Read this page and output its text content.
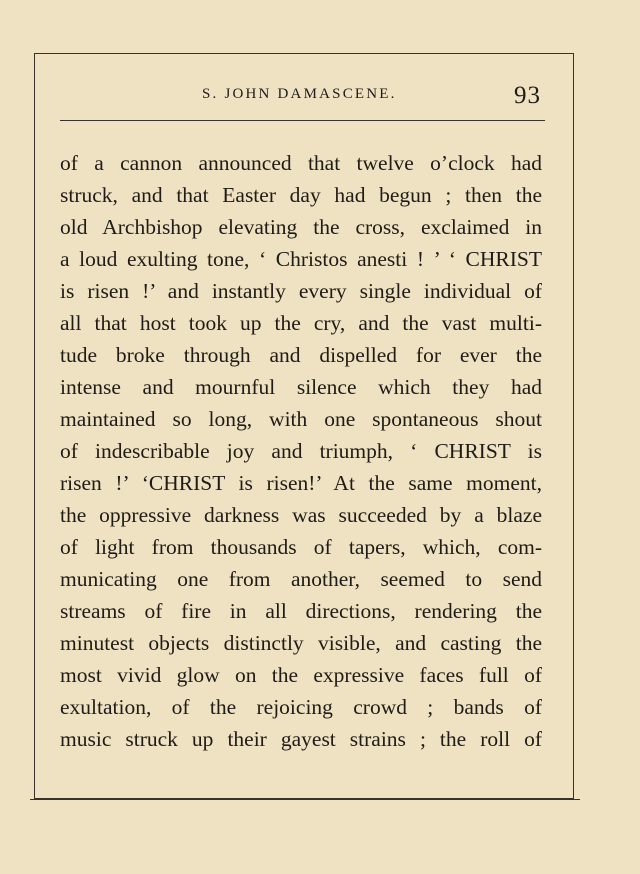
S. JOHN DAMASCENE.	93
of a cannon announced that twelve o’clock had
struck, and that Easter day had begun ; then the
old Archbishop elevating the cross, exclaimed in
a loud exulting tone, ‘ Christos anesti ! ’ ‘ CHRIST
is risen !’ and instantly every single individual of
all that host took up the cry, and the vast multi-
tude broke through and dispelled for ever the
intense and mournful silence which they had
maintained so long, with one spontaneous shout
of indescribable joy and triumph, ‘ CHRIST is
risen !’ ‘CHRIST is risen!’ At the same moment,
the oppressive darkness was succeeded by a blaze
of light from thousands of tapers, which, com-
municating one from another, seemed to send
streams of fire in all directions, rendering the
minutest objects distinctly visible, and casting the
most vivid glow on the expressive faces full of
exultation, of the rejoicing crowd ; bands of
music struck up their gayest strains ; the roll of
